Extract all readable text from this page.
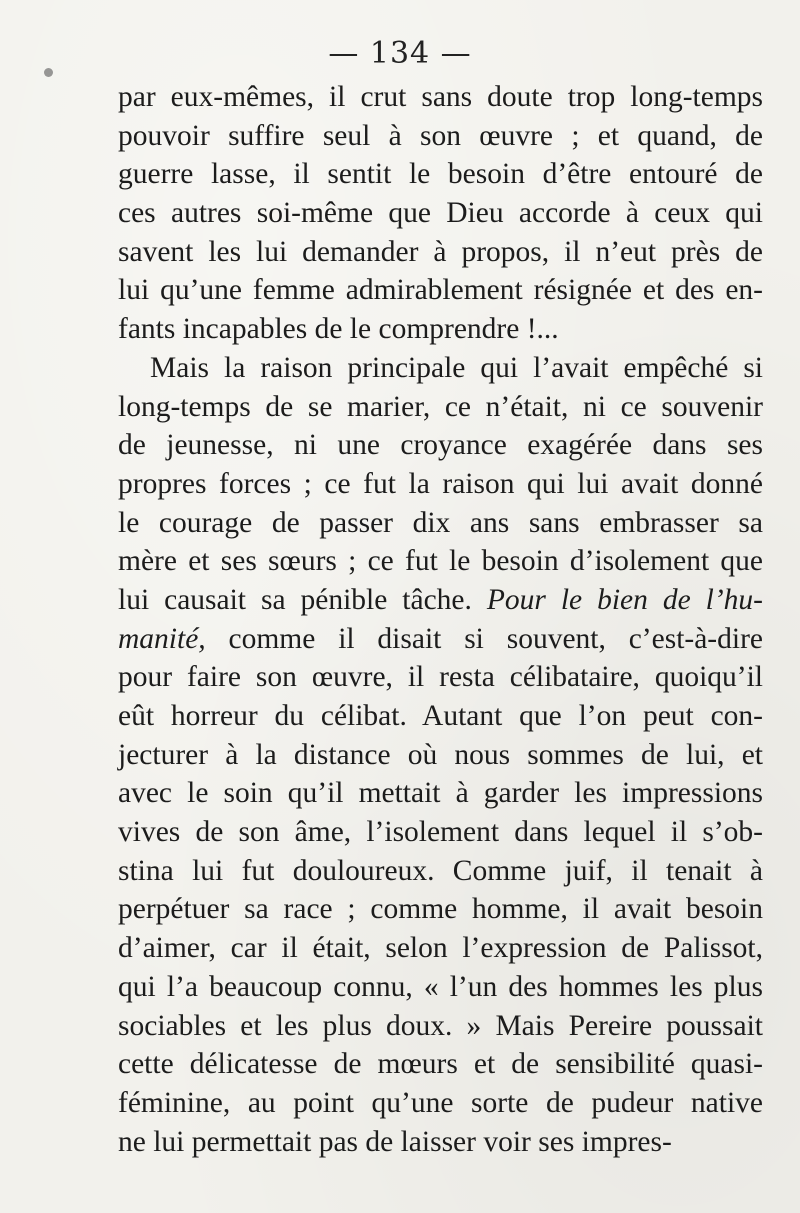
— 134 —
par eux-mêmes, il crut sans doute trop long-temps
pouvoir suffire seul à son œuvre ; et quand, de
guerre lasse, il sentit le besoin d’être entouré de
ces autres soi-même que Dieu accorde à ceux qui
savent les lui demander à propos, il n’eut près de
lui qu’une femme admirablement résignée et des en-
fants incapables de le comprendre !...
Mais la raison principale qui l’avait empêché si
long-temps de se marier, ce n’était, ni ce souvenir
de jeunesse, ni une croyance exagérée dans ses
propres forces ; ce fut la raison qui lui avait donné
le courage de passer dix ans sans embrasser sa
mère et ses sœurs ; ce fut le besoin d’isolement que
lui causait sa pénible tâche. Pour le bien de l’hu-
manité, comme il disait si souvent, c’est-à-dire
pour faire son œuvre, il resta célibataire, quoiqu’il
eût horreur du célibat. Autant que l’on peut con-
jecturer à la distance où nous sommes de lui, et
avec le soin qu’il mettait à garder les impressions
vives de son âme, l’isolement dans lequel il s’ob-
stina lui fut douloureux. Comme juif, il tenait à
perpétuer sa race ; comme homme, il avait besoin
d’aimer, car il était, selon l’expression de Palissot,
qui l’a beaucoup connu, « l’un des hommes les plus
sociables et les plus doux. » Mais Pereire poussait
cette délicatesse de mœurs et de sensibilité quasi-
féminine, au point qu’une sorte de pudeur native
ne lui permettait pas de laisser voir ses impres-
